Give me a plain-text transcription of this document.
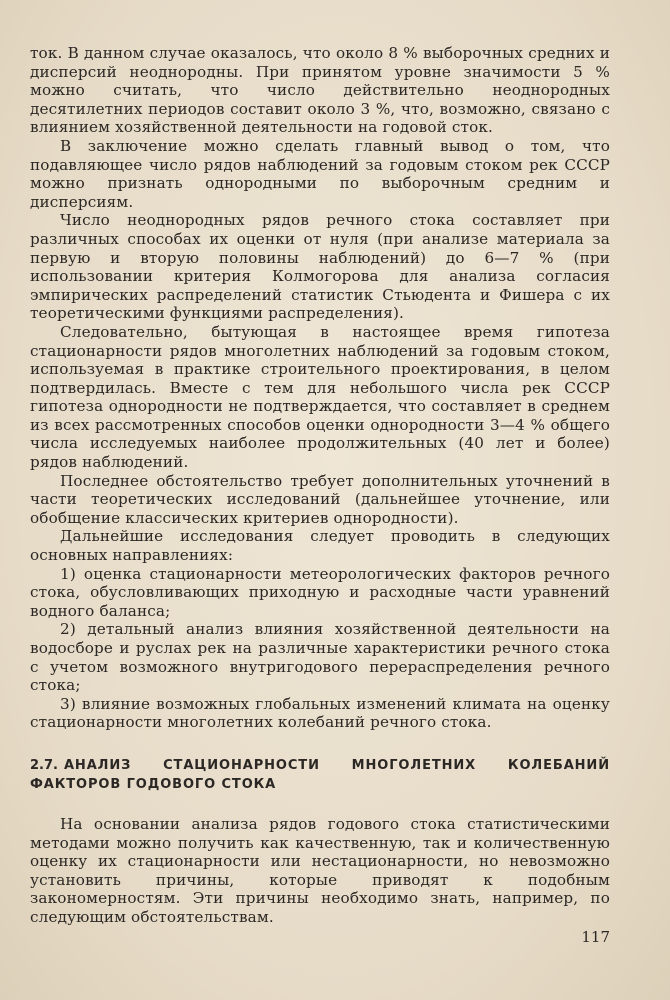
ток. В данном случае оказалось, что около 8 % выборочных средних и дисперсий неоднородны. При принятом уровне значимости 5 % можно считать, что число действительно неоднородных десятилетних периодов составит около 3 %, что, возможно, связано с влиянием хозяйственной деятельности на годовой сток.

В заключение можно сделать главный вывод о том, что подавляющее число рядов наблюдений за годовым стоком рек СССР можно признать однородными по выборочным средним и дисперсиям.

Число неоднородных рядов речного стока составляет при различных способах их оценки от нуля (при анализе материала за первую и вторую половины наблюдений) до 6—7 % (при использовании критерия Колмогорова для анализа согласия эмпирических распределений статистик Стьюдента и Фишера с их теоретическими функциями распределения).

Следовательно, бытующая в настоящее время гипотеза стационарности рядов многолетних наблюдений за годовым стоком, используемая в практике строительного проектирования, в целом подтвердилась. Вместе с тем для небольшого числа рек СССР гипотеза однородности не подтверждается, что составляет в среднем из всех рассмотренных способов оценки однородности 3—4 % общего числа исследуемых наиболее продолжительных (40 лет и более) рядов наблюдений.

Последнее обстоятельство требует дополнительных уточнений в части теоретических исследований (дальнейшее уточнение, или обобщение классических критериев однородности).

Дальнейшие исследования следует проводить в следующих основных направлениях:

1) оценка стационарности метеорологических факторов речного стока, обусловливающих приходную и расходные части уравнений водного баланса;

2) детальный анализ влияния хозяйственной деятельности на водосборе и руслах рек на различные характеристики речного стока с учетом возможного внутригодового перераспределения речного стока;

3) влияние возможных глобальных изменений климата на оценку стационарности многолетних колебаний речного стока.

2.7. АНАЛИЗ СТАЦИОНАРНОСТИ МНОГОЛЕТНИХ КОЛЕБАНИЙ ФАКТОРОВ ГОДОВОГО СТОКА

На основании анализа рядов годового стока статистическими методами можно получить как качественную, так и количественную оценку их стационарности или нестационарности, но невозможно установить причины, которые приводят к подобным закономерностям. Эти причины необходимо знать, например, по следующим обстоятельствам.

117
